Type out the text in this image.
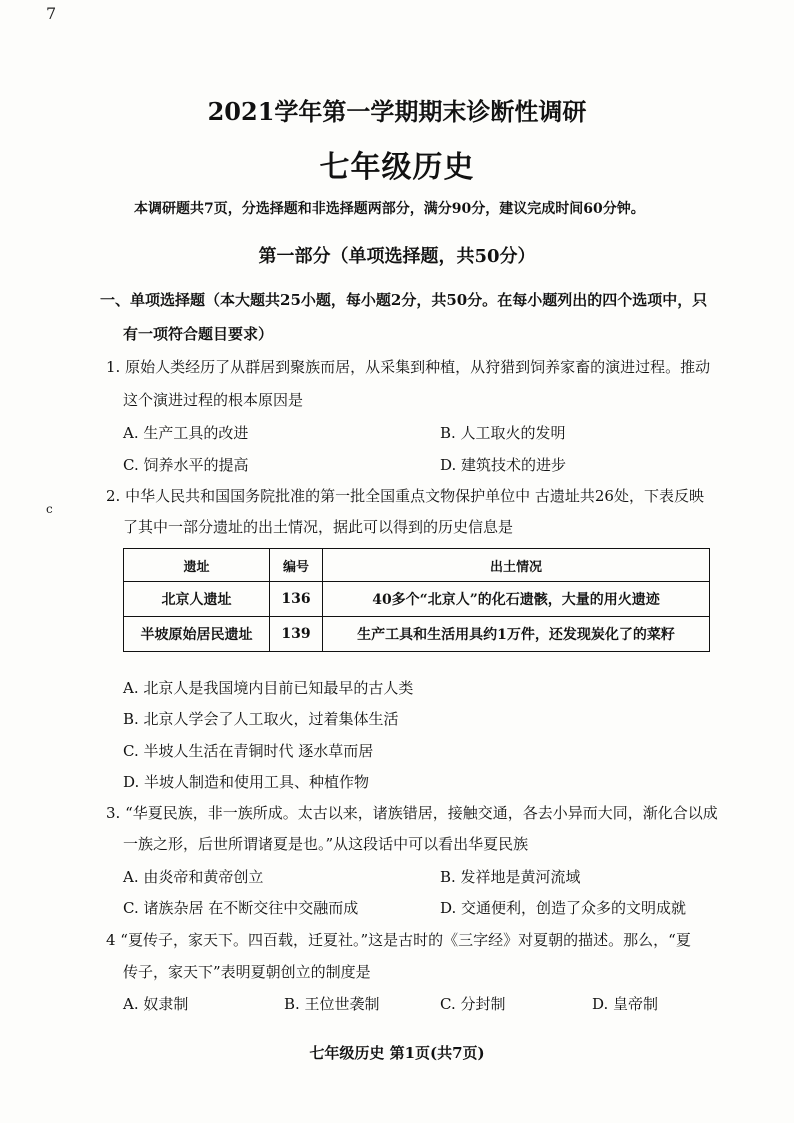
7
c
2021学年第一学期期末诊断性调研
七年级历史
本调研题共7页，分选择题和非选择题两部分，满分90分，建议完成时间60分钟。
第一部分（单项选择题，共50分）
一、单项选择题（本大题共25小题，每小题2分，共50分。在每小题列出的四个选项中，只
有一项符合题目要求）
1. 原始人类经历了从群居到聚族而居，从采集到种植，从狩猎到饲养家畜的演进过程。推动
这个演进过程的根本原因是
A. 生产工具的改进	B. 人工取火的发明
C. 饲养水平的提高	D. 建筑技术的进步
2. 中华人民共和国国务院批准的第一批全国重点文物保护单位中 古遗址共26处，下表反映
了其中一部分遗址的出土情况，据此可以得到的历史信息是
遗址	编号	出土情况
北京人遗址	136	40多个“北京人”的化石遗骸，大量的用火遗迹
半坡原始居民遗址	139	生产工具和生活用具约1万件，还发现炭化了的菜籽
A. 北京人是我国境内目前已知最早的古人类
B. 北京人学会了人工取火，过着集体生活
C. 半坡人生活在青铜时代 逐水草而居
D. 半坡人制造和使用工具、种植作物
3. “华夏民族，非一族所成。太古以来，诸族错居，接触交通，各去小异而大同，渐化合以成
一族之形，后世所谓诸夏是也。”从这段话中可以看出华夏民族
A. 由炎帝和黄帝创立	B. 发祥地是黄河流域
C. 诸族杂居 在不断交往中交融而成	D. 交通便利，创造了众多的文明成就
4 “夏传子，家天下。四百载，迁夏社。”这是古时的《三字经》对夏朝的描述。那么，“夏
传子，家天下”表明夏朝创立的制度是
A. 奴隶制	B. 王位世袭制	C. 分封制	D. 皇帝制
七年级历史 第1页(共7页)
